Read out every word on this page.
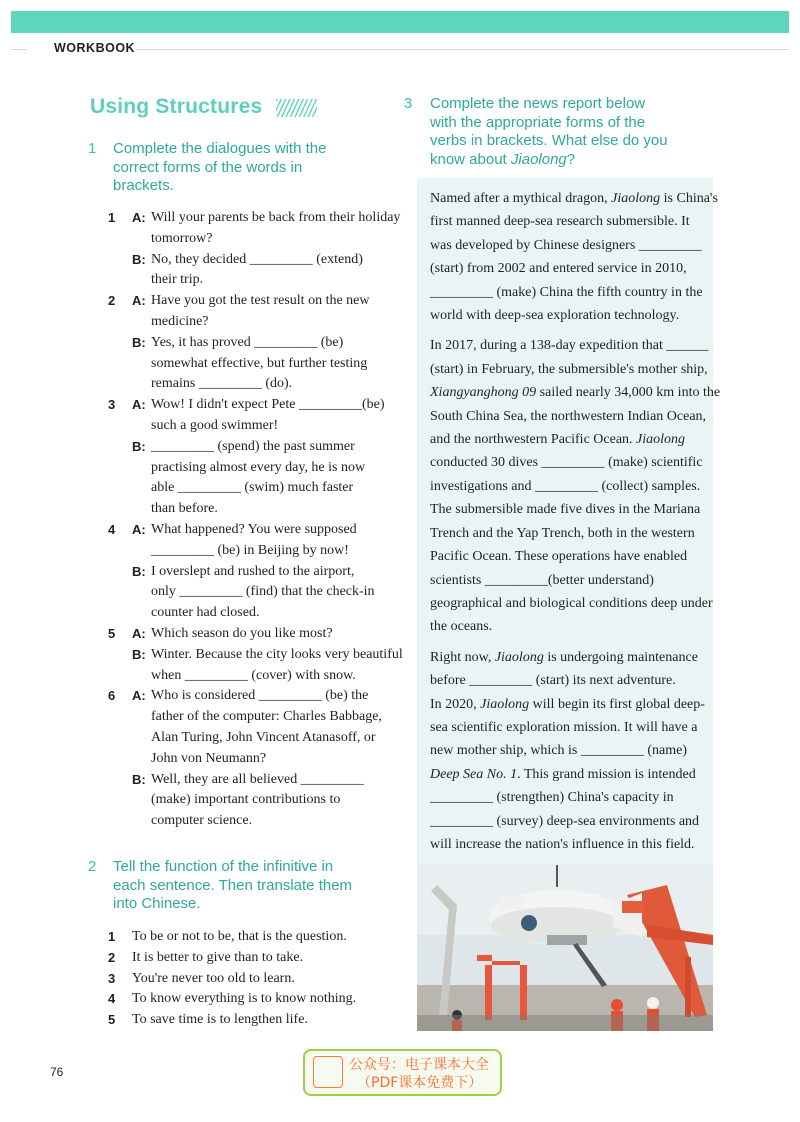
WORKBOOK
Using Structures
1 Complete the dialogues with the
correct forms of the words in
brackets.
1 A: Will your parents be back from their holiday
tomorrow?
B: No, they decided _________ (extend)
their trip.
2 A: Have you got the test result on the new
medicine?
B: Yes, it has proved _________ (be)
somewhat effective, but further testing
remains _________ (do).
3 A: Wow! I didn't expect Pete _________(be)
such a good swimmer!
B: _________ (spend) the past summer
practising almost every day, he is now
able _________ (swim) much faster
than before.
4 A: What happened? You were supposed
_________ (be) in Beijing by now!
B: I overslept and rushed to the airport,
only _________ (find) that the check-in
counter had closed.
5 A: Which season do you like most?
B: Winter. Because the city looks very beautiful
when _________ (cover) with snow.
6 A: Who is considered _________ (be) the
father of the computer: Charles Babbage,
Alan Turing, John Vincent Atanasoff, or
John von Neumann?
B: Well, they are all believed _________
(make) important contributions to
computer science.
2 Tell the function of the infinitive in
each sentence. Then translate them
into Chinese.
1 To be or not to be, that is the question.
2 It is better to give than to take.
3 You're never too old to learn.
4 To know everything is to know nothing.
5 To save time is to lengthen life.
3 Complete the news report below
with the appropriate forms of the
verbs in brackets. What else do you
know about Jiaolong?

Named after a mythical dragon, Jiaolong is China's
first manned deep-sea research submersible. It
was developed by Chinese designers _________
(start) from 2002 and entered service in 2010,
_________ (make) China the fifth country in the
world with deep-sea exploration technology.

In 2017, during a 138-day expedition that ______
(start) in February, the submersible's mother ship,
Xiangyanghong 09 sailed nearly 34,000 km into the
South China Sea, the northwestern Indian Ocean,
and the northwestern Pacific Ocean. Jiaolong
conducted 30 dives _________ (make) scientific
investigations and _________ (collect) samples.
The submersible made five dives in the Mariana
Trench and the Yap Trench, both in the western
Pacific Ocean. These operations have enabled
scientists _________(better understand)
geographical and biological conditions deep under
the oceans.

Right now, Jiaolong is undergoing maintenance
before _________ (start) its next adventure.
In 2020, Jiaolong will begin its first global deep-
sea scientific exploration mission. It will have a
new mother ship, which is _________ (name)
Deep Sea No. 1. This grand mission is intended
_________ (strengthen) China's capacity in
_________ (survey) deep-sea environments and
will increase the nation's influence in this field.

76	公众号：电子课本大全
（PDF课本免费下）
